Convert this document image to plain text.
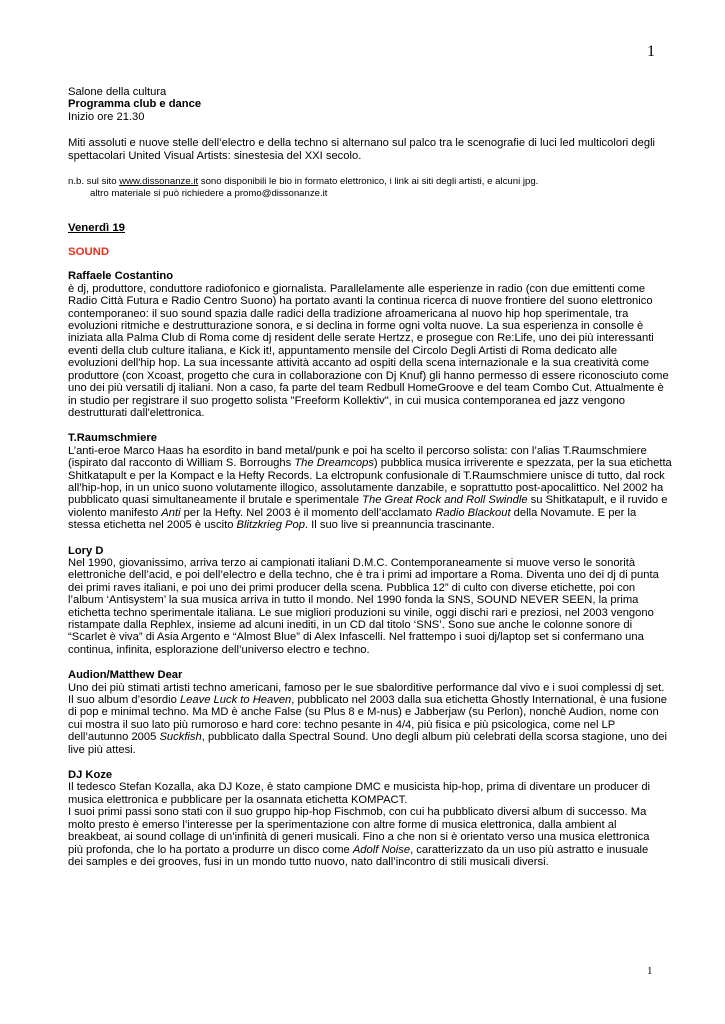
1
Salone della cultura
Programma club e dance
Inizio ore 21.30
Miti assoluti e nuove stelle dell’electro e della techno si alternano sul palco tra le scenografie di luci led multicolori degli
spettacolari United Visual Artists: sinestesia del XXI secolo.
n.b. sul sito www.dissonanze.it sono disponibili le bio in formato elettronico, i link ai siti degli artisti, e alcuni jpg.
altro materiale si può richiedere a promo@dissonanze.it
Venerdì 19
SOUND
Raffaele Costantino
è dj, produttore, conduttore radiofonico e giornalista. Parallelamente alle esperienze in radio (con due emittenti come
Radio Città Futura e Radio Centro Suono) ha portato avanti la continua ricerca di nuove frontiere del suono elettronico
contemporaneo: il suo sound spazia dalle radici della tradizione afroamericana al nuovo hip hop sperimentale, tra
evoluzioni ritmiche e destrutturazione sonora, e si declina in forme ogni volta nuove. La sua esperienza in consolle è
iniziata alla Palma Club di Roma come dj resident delle serate Hertzz, e prosegue con Re:Life, uno dei più interessanti
eventi della club culture italiana, e Kick it!, appuntamento mensile del Circolo Degli Artisti di Roma dedicato alle
evoluzioni dell'hip hop. La sua incessante attività accanto ad ospiti della scena internazionale e la sua creatività come
produttore (con Xcoast, progetto che cura in collaborazione con Dj Knuf) gli hanno permesso di essere riconosciuto come
uno dei più versatili dj italiani. Non a caso, fa parte del team Redbull HomeGroove e del team Combo Cut. Attualmente è
in studio per registrare il suo progetto solista "Freeform Kollektiv", in cui musica contemporanea ed jazz vengono
destrutturati dall'elettronica.
T.Raumschmiere
L’anti-eroe Marco Haas ha esordito in band metal/punk e poi ha scelto il percorso solista: con l’alias T.Raumschmiere
(ispirato dal racconto di William S. Borroughs The Dreamcops) pubblica musica irriverente e spezzata, per la sua etichetta
Shitkatapult e per la Kompact e la Hefty Records. La elctropunk confusionale di T.Raumschmiere unisce di tutto, dal rock
all’hip-hop, in un unico suono volutamente illogico, assolutamente danzabile, e soprattutto post-apocalittico. Nel 2002 ha
pubblicato quasi simultaneamente il brutale e sperimentale The Great Rock and Roll Swindle su Shitkatapult, e il ruvido e
violento manifesto Anti per la Hefty. Nel 2003 è il momento dell’acclamato Radio Blackout della Novamute. E per la
stessa etichetta nel 2005 è uscito Blitzkrieg Pop. Il suo live si preannuncia trascinante.
Lory D
Nel 1990, giovanissimo, arriva terzo ai campionati italiani D.M.C. Contemporaneamente si muove verso le sonorità
elettroniche dell’acid, e poi dell’electro e della techno, che è tra i primi ad importare a Roma. Diventa uno dei dj di punta
dei primi raves italiani, e poi uno dei primi producer della scena. Pubblica 12” di culto con diverse etichette, poi con
l’album ‘Antisystem’ la sua musica arriva in tutto il mondo. Nel 1990 fonda la SNS, SOUND NEVER SEEN, la prima
etichetta techno sperimentale italiana. Le sue migliori produzioni su vinile, oggi dischi rari e preziosi, nel 2003 vengono
ristampate dalla Rephlex, insieme ad alcuni inediti, in un CD dal titolo ‘SNS’. Sono sue anche le colonne sonore di
“Scarlet è viva” di Asia Argento e “Almost Blue” di Alex Infascelli. Nel frattempo i suoi dj/laptop set si confermano una
continua, infinita, esplorazione dell’universo electro e techno.
Audion/Matthew Dear
Uno dei più stimati artisti techno americani, famoso per le sue sbalorditive performance dal vivo e i suoi complessi dj set.
Il suo album d’esordio Leave Luck to Heaven, pubblicato nel 2003 dalla sua etichetta Ghostly International, è una fusione
di pop e minimal techno. Ma MD è anche False (su Plus 8 e M-nus) e Jabberjaw (su Perlon), nonchè Audion, nome con
cui mostra il suo lato più rumoroso e hard core: techno pesante in 4/4, più fisica e più psicologica, come nel LP
dell’autunno 2005 Suckfish, pubblicato dalla Spectral Sound. Uno degli album più celebrati della scorsa stagione, uno dei
live più attesi.
DJ Koze
Il tedesco Stefan Kozalla, aka DJ Koze, è stato campione DMC e musicista hip-hop, prima di diventare un producer di
musica elettronica e pubblicare per la osannata etichetta KOMPACT.
I suoi primi passi sono stati con il suo gruppo hip-hop Fischmob, con cui ha pubblicato diversi album di successo. Ma
molto presto è emerso l’interesse per la sperimentazione con altre forme di musica elettronica, dalla ambient al
breakbeat, ai sound collage di un’infinità di generi musicali. Fino a che non si è orientato verso una musica elettronica
più profonda, che lo ha portato a produrre un disco come Adolf Noise, caratterizzato da un uso più astratto e inusuale
dei samples e dei grooves, fusi in un mondo tutto nuovo, nato dall’incontro di stili musicali diversi.
1
